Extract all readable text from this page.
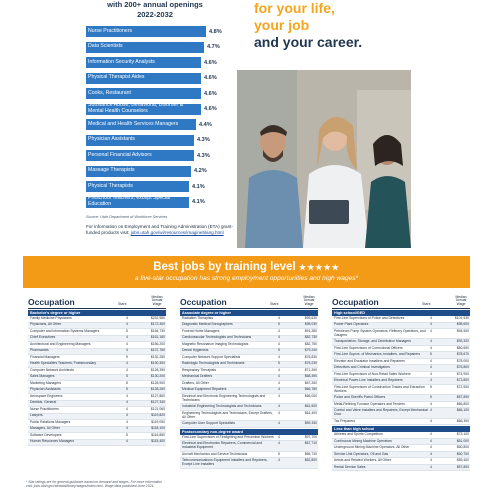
with 200+ annual openings
2022-2032
Nurse Practitioners	4.8%
Data Scientists	4.7%
Information Security Analysts	4.6%
Physical Therapist Aides	4.6%
Cooks, Restaurant	4.6%
Substance Abuse, Behavioral, Disorder & Mental Health Counselors	4.6%
Medical and Health Services Managers	4.4%
Physician Assistants	4.3%
Personal Financial Advisors	4.3%
Massage Therapists	4.2%
Physical Therapists	4.1%
Preschool Teachers, except Special Education	4.1%
Source: Utah Department of Workforce Services
For information on Employment and Training Administration (ETA) grant-funded products visit: jobs.utah.gov/wi/resources/imagineblang.html
for your life,
your job
and your career.
Best jobs by training level ★★★★★
a five-star occupation has strong employment opportunities and high wages*
Occupation	Stars
Median Annual Wage
Bachelor's degree or higher
Family Medicine Physicians	4	$232,580
Physicians, All Other	4	$172,300
Computer and Information Systems Managers	5	$164,730
Chief Executives	4	$161,160
Architectural and Engineering Managers	4	$156,200
Pharmacists	4	$137,760
Financial Managers	5	$132,280
Health Specialties Teachers, Postsecondary	4	$130,300
Computer Network Architects	4	$128,390
Sales Managers	5	$130,200
Marketing Managers	5	$128,900
Physician Assistants	5	$128,260
Aerospace Engineers	4	$127,860
Dentists, General	4	$127,340
Nurse Practitioners	4	$121,060
Lawyers	4	$119,820
Public Relations Managers	4	$119,090
Managers, All Other	4	$118,100
Software Developers	5	$116,850
Human Resources Managers	4	$115,400
Occupation	Stars
Median Annual Wage
Associate degree or higher
Radiation Therapists	4	$99,630
Diagnostic Medical Sonographers	5	$98,030
Funeral Home Managers	4	$91,280
Cardiovascular Technologists and Technicians	4	$82,730
Magnetic Resonance Imaging Technologists	4	$82,750
Dental Hygienists	5	$79,240
Computer Network Support Specialists	4	$76,830
Radiologic Technologists and Technicians	5	$75,230
Respiratory Therapists	4	$71,260
Mechanical Drafters	4	$68,390
Drafters, All Other	4	$67,260
Medical Equipment Repairers	4	$66,780
Electrical and Electronic Engineering Technologists and Technicians
4	$66,000
Industrial Engineering Technologists and Technicians	4	$61,500
Engineering Technologists and Technicians, Except Drafters, All Other
4	$61,400
Computer User Support Specialists	4	$59,330
Postsecondary non-degree award
First-Line Supervisors of Firefighting and Prevention Workers	4	$97,700
Electrical and Electronics Repairers, Commercial and Industrial Equipment
4	$67,710
Aircraft Mechanics and Service Technicians	5	$66,730
Telecommunications Equipment Installers and Repairers, Except Line Installers
4	$62,800
Occupation	Stars
Median Annual Wage
High school/GED
First-Line Supervisors of Police and Detectives	4	$101,930
Power Plant Operators	4	$98,600
Petroleum Pump System Operators, Refinery Operators, and Gaugers
4	$94,500
Transportation, Storage, and Distribution Managers	4	$93,320
First-Line Supervisors of Correctional Officers	4	$80,690
First-Line Supvrs. of Mechanics, Installers, and Repairers	5	$78,670
Elevator and Escalator Installers and Repairers	4	$78,000
Detectives and Criminal Investigators	4	$76,800
First-Line Supervisors of Non-Retail Sales Workers	4	$74,900
Electrical Power-Line Installers and Repairers	4	$73,800
First-Line Supervisors of Construction Trades and Extraction Workers
5	$72,900
Police and Sheriff's Patrol Officers	5	$67,890
Metal-Refining Furnace Operators and Tenders	4	$66,800
Control and Valve Installers and Repairers, Except Mechanical Door
4	$66,100
Tax Preparers	4	$66,300
Less than high school
Athletes and Sports Competitors	4	$73,100
Continuous Mining Machine Operators	4	$61,000
Underground Mining Machine Operators, All Other	4	$60,800
Service Unit Operators, Oil and Gas	4	$60,700
Artists and Related Workers, All Other	4	$59,400
Rental Service Sales	4	$57,800
* Star ratings are for general guidance based on demand and wages. For more information visit: jobs.utah.gov/wi/data/library/wages/index.html. Wage data published June 2024.
